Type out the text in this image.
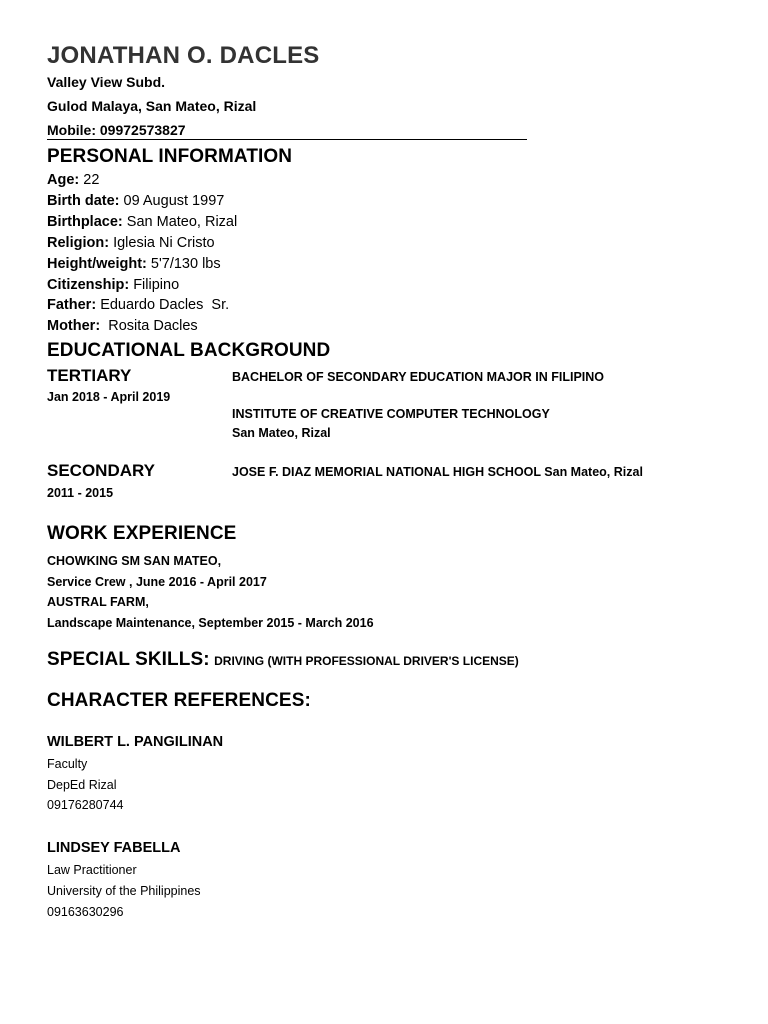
JONATHAN O. DACLES
Valley View Subd.
Gulod Malaya, San Mateo, Rizal
Mobile: 09972573827
PERSONAL INFORMATION
Age: 22
Birth date: 09 August 1997
Birthplace: San Mateo, Rizal
Religion: Iglesia Ni Cristo
Height/weight: 5'7/130 lbs
Citizenship: Filipino
Father: Eduardo Dacles  Sr.
Mother:  Rosita Dacles
EDUCATIONAL BACKGROUND
TERTIARY	BACHELOR OF SECONDARY EDUCATION MAJOR IN FILIPINO
Jan 2018 - April 2019
INSTITUTE OF CREATIVE COMPUTER TECHNOLOGY
San Mateo, Rizal
SECONDARY	JOSE F. DIAZ MEMORIAL NATIONAL HIGH SCHOOL San Mateo, Rizal
2011 - 2015
WORK EXPERIENCE
CHOWKING SM SAN MATEO,
Service Crew , June 2016 - April 2017
AUSTRAL FARM,
Landscape Maintenance, September 2015 - March 2016
SPECIAL SKILLS: DRIVING (WITH PROFESSIONAL DRIVER'S LICENSE)
CHARACTER REFERENCES:
WILBERT L. PANGILINAN
Faculty
DepEd Rizal
09176280744
LINDSEY FABELLA
Law Practitioner
University of the Philippines
09163630296
